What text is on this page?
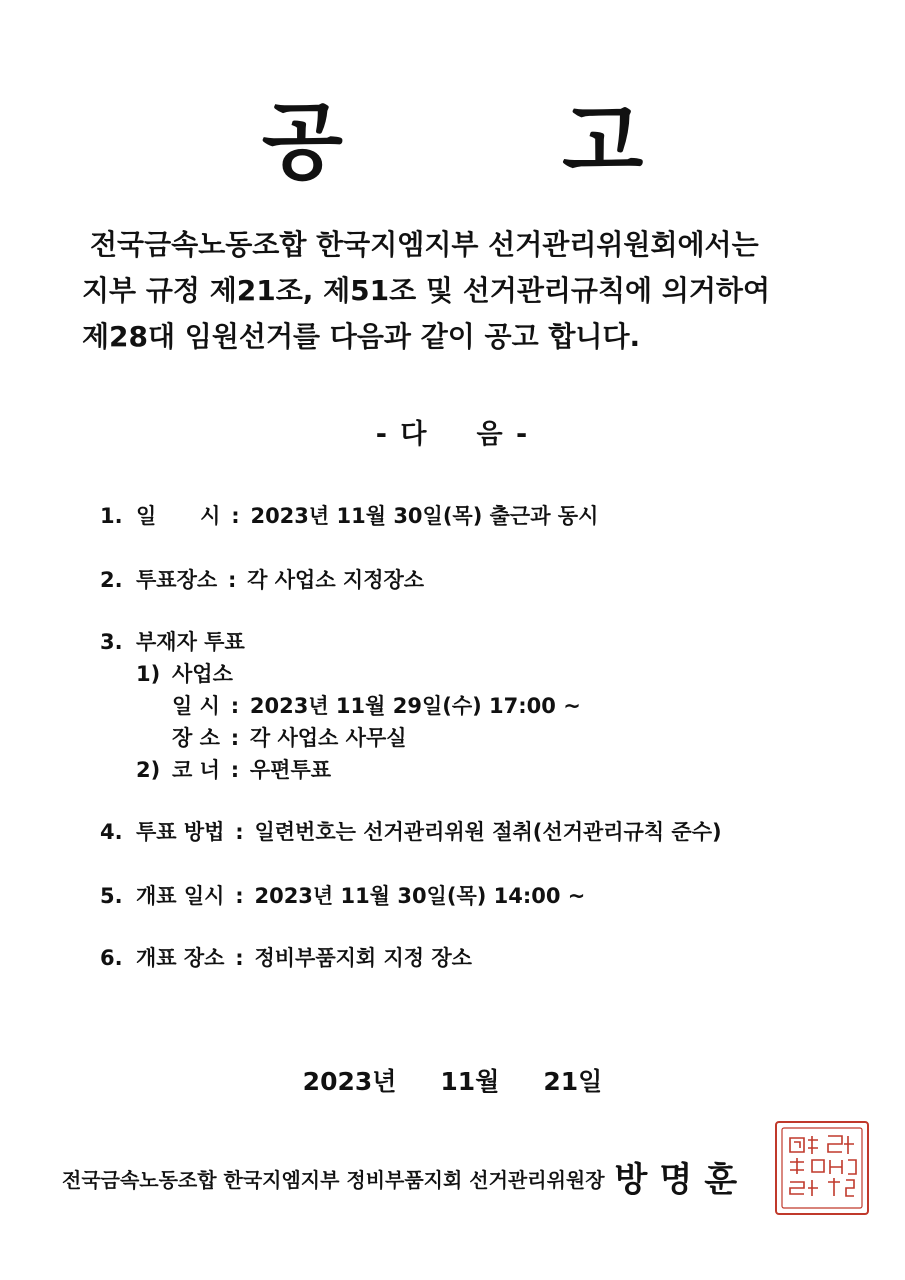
공 고
전국금속노동조합 한국지엠지부 선거관리위원회에서는
지부 규정 제21조, 제51조 및 선거관리규칙에 의거하여
제28대 임원선거를 다음과 같이 공고 합니다.
- 다 음 -
1. 일      시 : 2023년 11월 30일(목) 출근과 동시
2. 투표장소 : 각 사업소 지정장소
3. 부재자 투표
1) 사업소
일 시 : 2023년 11월 29일(수) 17:00 ~
장 소 : 각 사업소 사무실
2) 코 너 : 우편투표
4. 투표 방법 : 일련번호는 선거관리위원 절취(선거관리규칙 준수)
5. 개표 일시 : 2023년 11월 30일(목) 14:00 ~
6. 개표 장소 : 정비부품지회 지정 장소
2023년 11월 21일
전국금속노동조합 한국지엠지부 정비부품지회 선거관리위원장 방명훈
